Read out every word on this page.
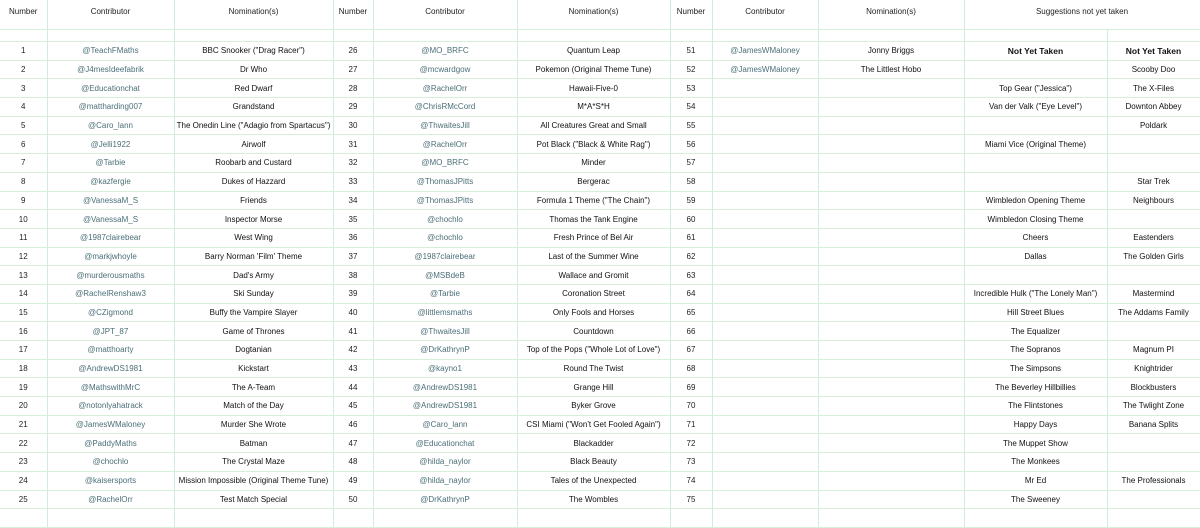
Number	Contributor	Nomination(s)	Number	Contributor	Nomination(s)	Number	Contributor	Nomination(s)	Suggestions not yet taken	

1	@TeachFMaths	BBC Snooker ("Drag Racer")	26	@MO_BRFC	Quantum Leap	51	@JamesWMaloney	Jonny Briggs	Not Yet Taken	Not Yet Taken
2	@J4mesIdeefabrik	Dr Who	27	@mcwardgow	Pokemon (Original Theme Tune)	52	@JamesWMaloney	The Littlest Hobo		Scooby Doo
3	@Educationchat	Red Dwarf	28	@RachelOrr	Hawaii-Five-0	53			Top Gear ("Jessica")	The X-Files
4	@mattharding007	Grandstand	29	@ChrisRMcCord	M*A*S*H	54			Van der Valk ("Eye Level")	Downton Abbey
5	@Caro_lann	The Onedin Line ("Adagio from Spartacus")	30	@ThwaitesJill	All Creatures Great and Small	55				Poldark
6	@Jelli1922	Airwolf	31	@RachelOrr	Pot Black ("Black & White Rag")	56			Miami Vice (Original Theme)	
7	@Tarbie	Roobarb and Custard	32	@MO_BRFC	Minder	57				
8	@kazfergie	Dukes of Hazzard	33	@ThomasJPitts	Bergerac	58				Star Trek
9	@VanessaM_S	Friends	34	@ThomasJPitts	Formula 1 Theme ("The Chain")	59			Wimbledon Opening Theme	Neighbours
10	@VanessaM_S	Inspector Morse	35	@chochlo	Thomas the Tank Engine	60			Wimbledon Closing Theme	
11	@1987clairebear	West Wing	36	@chochlo	Fresh Prince of Bel Air	61			Cheers	Eastenders
12	@markjwhoyle	Barry Norman 'Film' Theme	37	@1987clairebear	Last of the Summer Wine	62			Dallas	The Golden Girls
13	@murderousmaths	Dad's Army	38	@MSBdeB	Wallace and Gromit	63				
14	@RachelRenshaw3	Ski Sunday	39	@Tarbie	Coronation Street	64			Incredible Hulk ("The Lonely Man")	Mastermind
15	@CZigmond	Buffy the Vampire Slayer	40	@littlemsmaths	Only Fools and Horses	65			Hill Street Blues	The Addams Family
16	@JPT_87	Game of Thrones	41	@ThwaitesJill	Countdown	66			The Equalizer	
17	@matthoarty	Dogtanian	42	@DrKathrynP	Top of the Pops ("Whole Lot of Love")	67			The Sopranos	Magnum PI
18	@AndrewDS1981	Kickstart	43	@kayno1	Round The Twist	68			The Simpsons	Knightrider
19	@MathswithMrC	The A-Team	44	@AndrewDS1981	Grange Hill	69			The Beverley Hillbillies	Blockbusters
20	@notonlyahatrack	Match of the Day	45	@AndrewDS1981	Byker Grove	70			The Flintstones	The Twlight Zone
21	@JamesWMaloney	Murder She Wrote	46	@Caro_lann	CSI Miami ("Won't Get Fooled Again")	71			Happy Days	Banana Splits
22	@PaddyMaths	Batman	47	@Educationchat	Blackadder	72			The Muppet Show	
23	@chochlo	The Crystal Maze	48	@hilda_naylor	Black Beauty	73			The Monkees	
24	@kaisersports	Mission Impossible (Original Theme Tune)	49	@hilda_naylor	Tales of the Unexpected	74			Mr Ed	The Professionals
25	@RachelOrr	Test Match Special	50	@DrKathrynP	The Wombles	75			The Sweeney	
